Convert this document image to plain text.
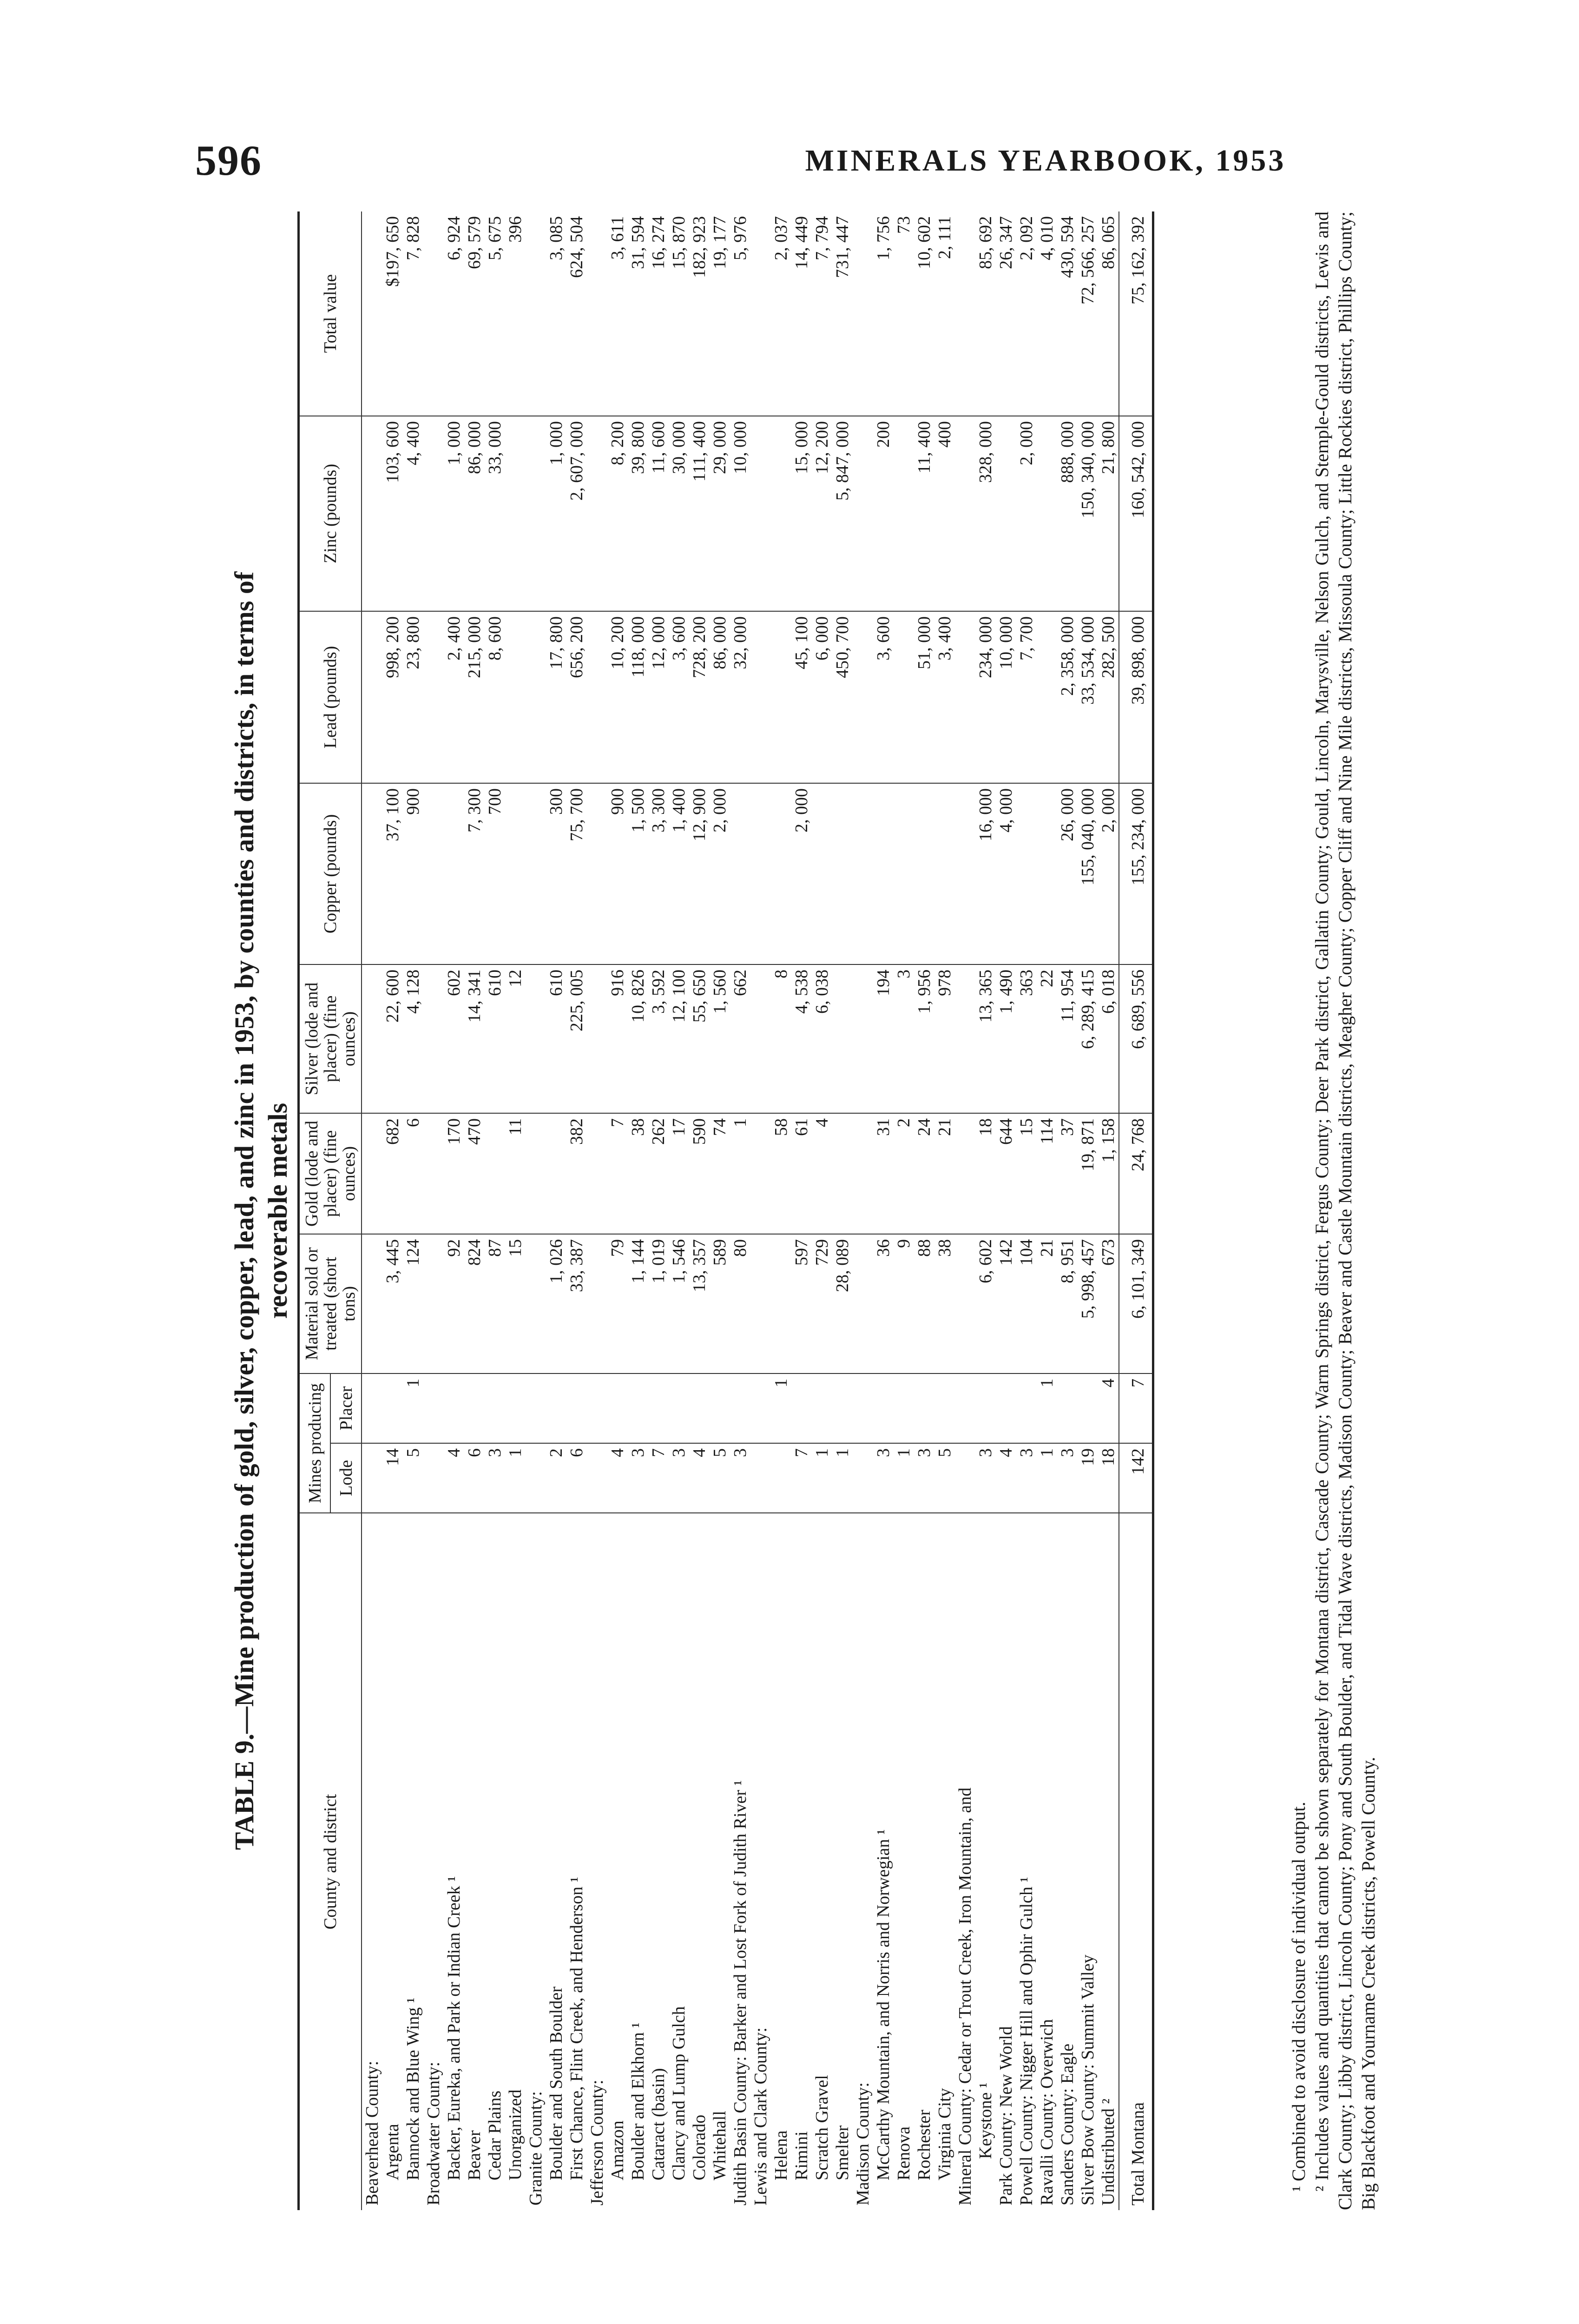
596	MINERALS YEARBOOK, 1953
TABLE 9.—Mine production of gold, silver, copper, lead, and zinc in 1953, by counties and districts, in terms of recoverable metals
County and district	Mines producing		Material sold or treated (short tons)	Gold (lode and placer) (fine ounces)	Silver (lode and placer) (fine ounces)	Copper (pounds)	Lead (pounds)	Zinc (pounds)	Total value
	Lode	Placer							
Beaverhead County:									
Argenta	14		3, 445	682	22, 600	37, 100	998, 200	103, 600	$197, 650
Bannock and Blue Wing ¹	5	1	124	6	4, 128	900	23, 800	4, 400	7, 828
Broadwater County:									
Backer, Eureka, and Park or Indian Creek ¹	4		92	170	602		2, 400	1, 000	6, 924
Beaver	6		824	470	14, 341	7, 300	215, 000	86, 000	69, 579
Cedar Plains	3		87		610	700	8, 600	33, 000	5, 675
Unorganized	1		15	11	12				396
Granite County:									
Boulder and South Boulder	2		1, 026		610	300	17, 800	1, 000	3, 085
First Chance, Flint Creek, and Henderson ¹	6		33, 387	382	225, 005	75, 700	656, 200	2, 607, 000	624, 504
Jefferson County:									
Amazon	4		79	7	916	900	10, 200	8, 200	3, 611
Boulder and Elkhorn ¹	3		1, 144	38	10, 826	1, 500	118, 000	39, 800	31, 594
Cataract (basin)	7		1, 019	262	3, 592	3, 300	12, 000	11, 600	16, 274
Clancy and Lump Gulch	3		1, 546	17	12, 100	1, 400	3, 600	30, 000	15, 870
Colorado	4		13, 357	590	55, 650	12, 900	728, 200	111, 400	182, 923
Whitehall	5		589	74	1, 560	2, 000	86, 000	29, 000	19, 177
Judith Basin County: Barker and Lost Fork of Judith River ¹	3		80	1	662		32, 000	10, 000	5, 976
Lewis and Clark County:									
Helena		1		58	8				2, 037
Rimini	7		597	61	4, 538	2, 000	45, 100	15, 000	14, 449
Scratch Gravel	1		729	4	6, 038		6, 000	12, 200	7, 794
Smelter	1		28, 089				450, 700	5, 847, 000	731, 447
Madison County:									
McCarthy Mountain, and Norris and Norwegian ¹	3		36	31	194		3, 600	200	1, 756
Renova	1		9	2	3				73
Rochester	3		88	24	1, 956		51, 000	11, 400	10, 602
Virginia City	5		38	21	978		3, 400	400	2, 111
Mineral County: Cedar or Trout Creek, Iron Mountain, and									
Keystone ¹	3		6, 602	18	13, 365	16, 000	234, 000	328, 000	85, 692
Park County: New World	4		142	644	1, 490	4, 000	10, 000		26, 347
Powell County: Nigger Hill and Ophir Gulch ¹	3		104	15	363		7, 700	2, 000	2, 092
Ravalli County: Overwich	1	1	21	114	22				4, 010
Sanders County: Eagle	3		8, 951	37	11, 954	26, 000	2, 358, 000	888, 000	430, 594
Silver Bow County: Summit Valley	19		5, 998, 457	19, 871	6, 289, 415	155, 040, 000	33, 534, 000	150, 340, 000	72, 566, 257
Undistributed ²	18	4	673	1, 158	6, 018	2, 000	282, 500	21, 800	86, 065
Total Montana	142	7	6, 101, 349	24, 768	6, 689, 556	155, 234, 000	39, 898, 000	160, 542, 000	75, 162, 392

¹ Combined to avoid disclosure of individual output. ² Includes values and quantities that cannot be shown separately for Montana district, Cascade County; Warm Springs district, Fergus County; Deer Park district, Gallatin County; Gould, Lincoln, Marysville, Nelson Gulch, and Stemple-Gould districts, Lewis and Clark County; Libby district, Lincoln County; Pony and South Boulder, and Tidal Wave districts, Madison County; Beaver and Castle Mountain districts, Meagher County; Copper Cliff and Nine Mile districts, Missoula County; Little Rockies district, Phillips County; Big Blackfoot and Yourname Creek districts, Powell County.
